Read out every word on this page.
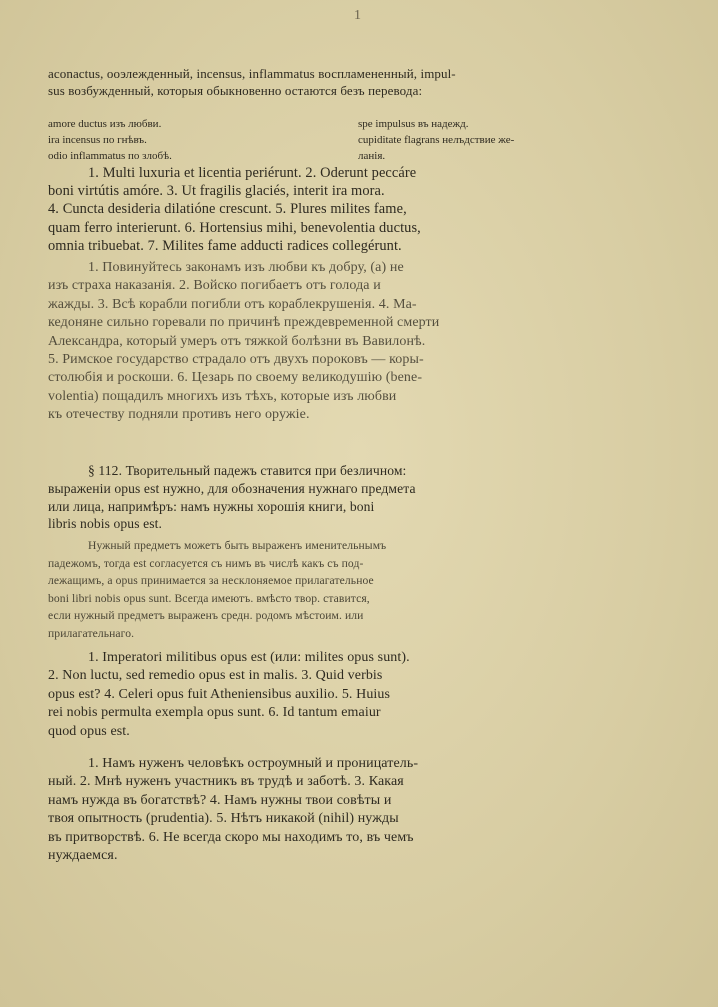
1

aconactus, ооэлежденный, incensus, inflammatus воспламененный, impul-

sus возбужденный, которыя обыкновенно остаются безъ перевода:

amore ductus изъ любви.	spe impulsus въ надежд.
ira incensus по гнѣвъ.	cupiditate flagrans нелъдствие же-
odio inflammatus по злобѣ.	ланія.

1. Multi luxuria et licentia periérunt. 2. Oderunt peccáre

boni virtútis amóre. 3. Ut fragilis glaciés, interit ira mora.

4. Cuncta desideria dilatióne crescunt. 5. Plures milites fame,

quam ferro interierunt. 6. Hortensius mihi, benevolentia ductus,

omnia tribuebat. 7. Milites fame adducti radices collegérunt.

1. Повинуйтесь законамъ изъ любви къ добру, (а) не

изъ страха наказанія. 2. Войско погибаетъ отъ голода и

жажды. 3. Всѣ корабли погибли отъ кораблекрушенія. 4. Ма-

кедоняне сильно горевали по причинѣ преждевременной смерти

Александра, который умеръ отъ тяжкой болѣзни въ Вавилонѣ.

5. Римское государство страдало отъ двухъ пороковъ — коры-

столюбія и роскоши. 6. Цезарь по своему великодушію (bene-

volentia) пощадилъ многихъ изъ тѣхъ, которые изъ любви

къ отечеству подняли противъ него оружіе.

§ 112. Творительный падежъ ставится при безличном:

выраженіи opus est нужно, для обозначения нужнаго предмета

или лица, напримѣръ: намъ нужны хорошія книги, boni

libris nobis opus est.

Нужный предметъ можетъ быть выраженъ именительнымъ

падежомъ, тогда est согласуется съ нимъ въ числѣ какъ съ под-

лежащимъ, а opus принимается за несклоняемое прилагательное

boni libri nobis opus sunt. Всегда имеютъ. вмѣсто твор. ставится,

если нужный предметъ выраженъ средн. родомъ мѣстоим. или

прилагательнаго.

1. Imperatori militibus opus est (или: milites opus sunt).

2. Non luctu, sed remedio opus est in malis. 3. Quid verbis

opus est? 4. Celeri opus fuit Atheniensibus auxilio. 5. Huius

rei nobis permulta exempla opus sunt. 6. Id tantum emaiur

quod opus est.

1. Намъ нуженъ человѣкъ остроумный и проницатель-

ный. 2. Мнѣ нуженъ участникъ въ трудѣ и заботѣ. 3. Какая

намъ нужда въ богатствѣ? 4. Намъ нужны твои совѣты и

твоя опытность (prudentia). 5. Нѣтъ никакой (nihil) нужды

въ притворствѣ. 6. Не всегда скоро мы находимъ то, въ чемъ

нуждаемся.
